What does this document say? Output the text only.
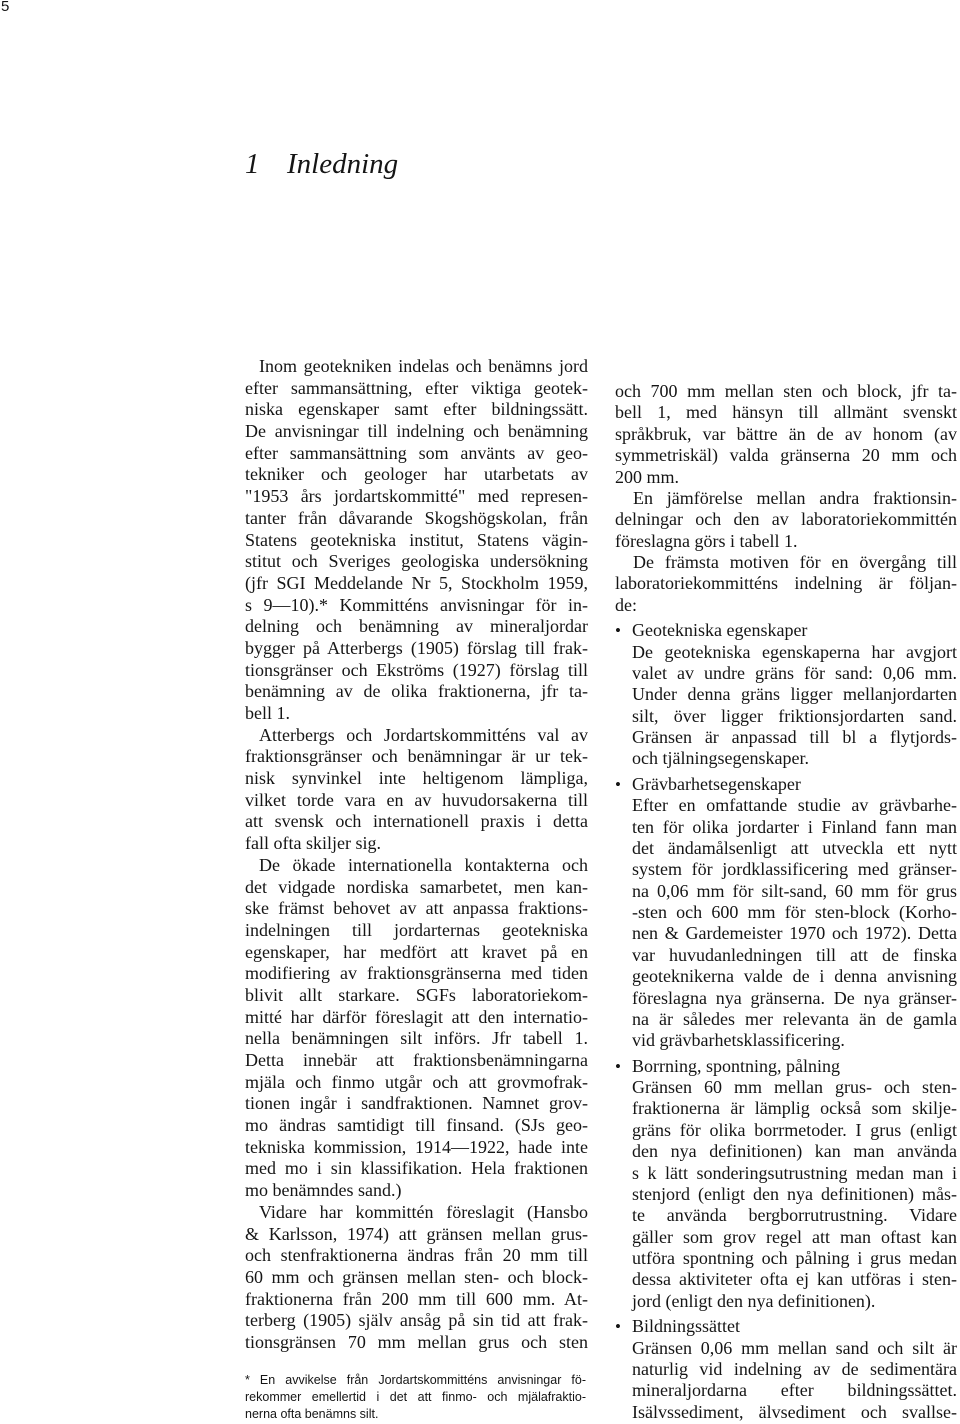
5
1 Inledning
Inom geotekniken indelas och benämns jord
efter sammansättning, efter viktiga geotek-
niska egenskaper samt efter bildningssätt.
De anvisningar till indelning och benämning
efter sammansättning som använts av geo-
tekniker och geologer har utarbetats av
"1953 års jordartskommitté" med represen-
tanter från dåvarande Skogshögskolan, från
Statens geotekniska institut, Statens vägin-
stitut och Sveriges geologiska undersökning
(jfr SGI Meddelande Nr 5, Stockholm 1959,
s 9—10).* Kommitténs anvisningar för in-
delning och benämning av mineraljordar
bygger på Atterbergs (1905) förslag till frak-
tionsgränser och Ekströms (1927) förslag till
benämning av de olika fraktionerna, jfr ta-
bell 1.
Atterbergs och Jordartskommitténs val av
fraktionsgränser och benämningar är ur tek-
nisk synvinkel inte heltigenom lämpliga,
vilket torde vara en av huvudorsakerna till
att svensk och internationell praxis i detta
fall ofta skiljer sig.
De ökade internationella kontakterna och
det vidgade nordiska samarbetet, men kan-
ske främst behovet av att anpassa fraktions-
indelningen till jordarternas geotekniska
egenskaper, har medfört att kravet på en
modifiering av fraktionsgränserna med tiden
blivit allt starkare. SGFs laboratoriekom-
mitté har därför föreslagit att den internatio-
nella benämningen silt införs. Jfr tabell 1.
Detta innebär att fraktionsbenämningarna
mjäla och finmo utgår och att grovmofrak-
tionen ingår i sandfraktionen. Namnet grov-
mo ändras samtidigt till finsand. (SJs geo-
tekniska kommission, 1914—1922, hade inte
med mo i sin klassifikation. Hela fraktionen
mo benämndes sand.)
Vidare har kommittén föreslagit (Hansbo
& Karlsson, 1974) att gränsen mellan grus-
och stenfraktionerna ändras från 20 mm till
60 mm och gränsen mellan sten- och block-
fraktionerna från 200 mm till 600 mm. At-
terberg (1905) själv ansåg på sin tid att frak-
tionsgränsen 70 mm mellan grus och sten
och 700 mm mellan sten och block, jfr ta-
bell 1, med hänsyn till allmänt svenskt
språkbruk, var bättre än de av honom (av
symmetriskäl) valda gränserna 20 mm och
200 mm.
En jämförelse mellan andra fraktionsin-
delningar och den av laboratoriekommittén
föreslagna görs i tabell 1.
De främsta motiven för en övergång till
laboratoriekommitténs indelning är följan-
de:
• Geotekniska egenskaper
De geotekniska egenskaperna har avgjort
valet av undre gräns för sand: 0,06 mm.
Under denna gräns ligger mellanjordarten
silt, över ligger friktionsjordarten sand.
Gränsen är anpassad till bl a flytjords-
och tjälningsegenskaper.
• Grävbarhetsegenskaper
Efter en omfattande studie av grävbarhe-
ten för olika jordarter i Finland fann man
det ändamålsenligt att utveckla ett nytt
system för jordklassificering med gränser-
na 0,06 mm för silt-sand, 60 mm för grus
-sten och 600 mm för sten-block (Korho-
nen & Gardemeister 1970 och 1972). Detta
var huvudanledningen till att de finska
geoteknikerna valde de i denna anvisning
föreslagna nya gränserna. De nya gränser-
na är således mer relevanta än de gamla
vid grävbarhetsklassificering.
• Borrning, spontning, pålning
Gränsen 60 mm mellan grus- och sten-
fraktionerna är lämplig också som skilje-
gräns för olika borrmetoder. I grus (enligt
den nya definitionen) kan man använda
s k lätt sonderingsutrustning medan man i
stenjord (enligt den nya definitionen) mås-
te använda bergborrutrustning. Vidare
gäller som grov regel att man oftast kan
utföra spontning och pålning i grus medan
dessa aktiviteter ofta ej kan utföras i sten-
jord (enligt den nya definitionen).
• Bildningssättet
Gränsen 0,06 mm mellan sand och silt är
naturlig vid indelning av de sedimentära
mineraljordarna efter bildningssättet.
Isälvssediment, älvsediment och svallse-
* En avvikelse från Jordartskommitténs anvisningar fö-
rekommer emellertid i det att finmo- och mjälafraktio-
nerna ofta benämns silt.
